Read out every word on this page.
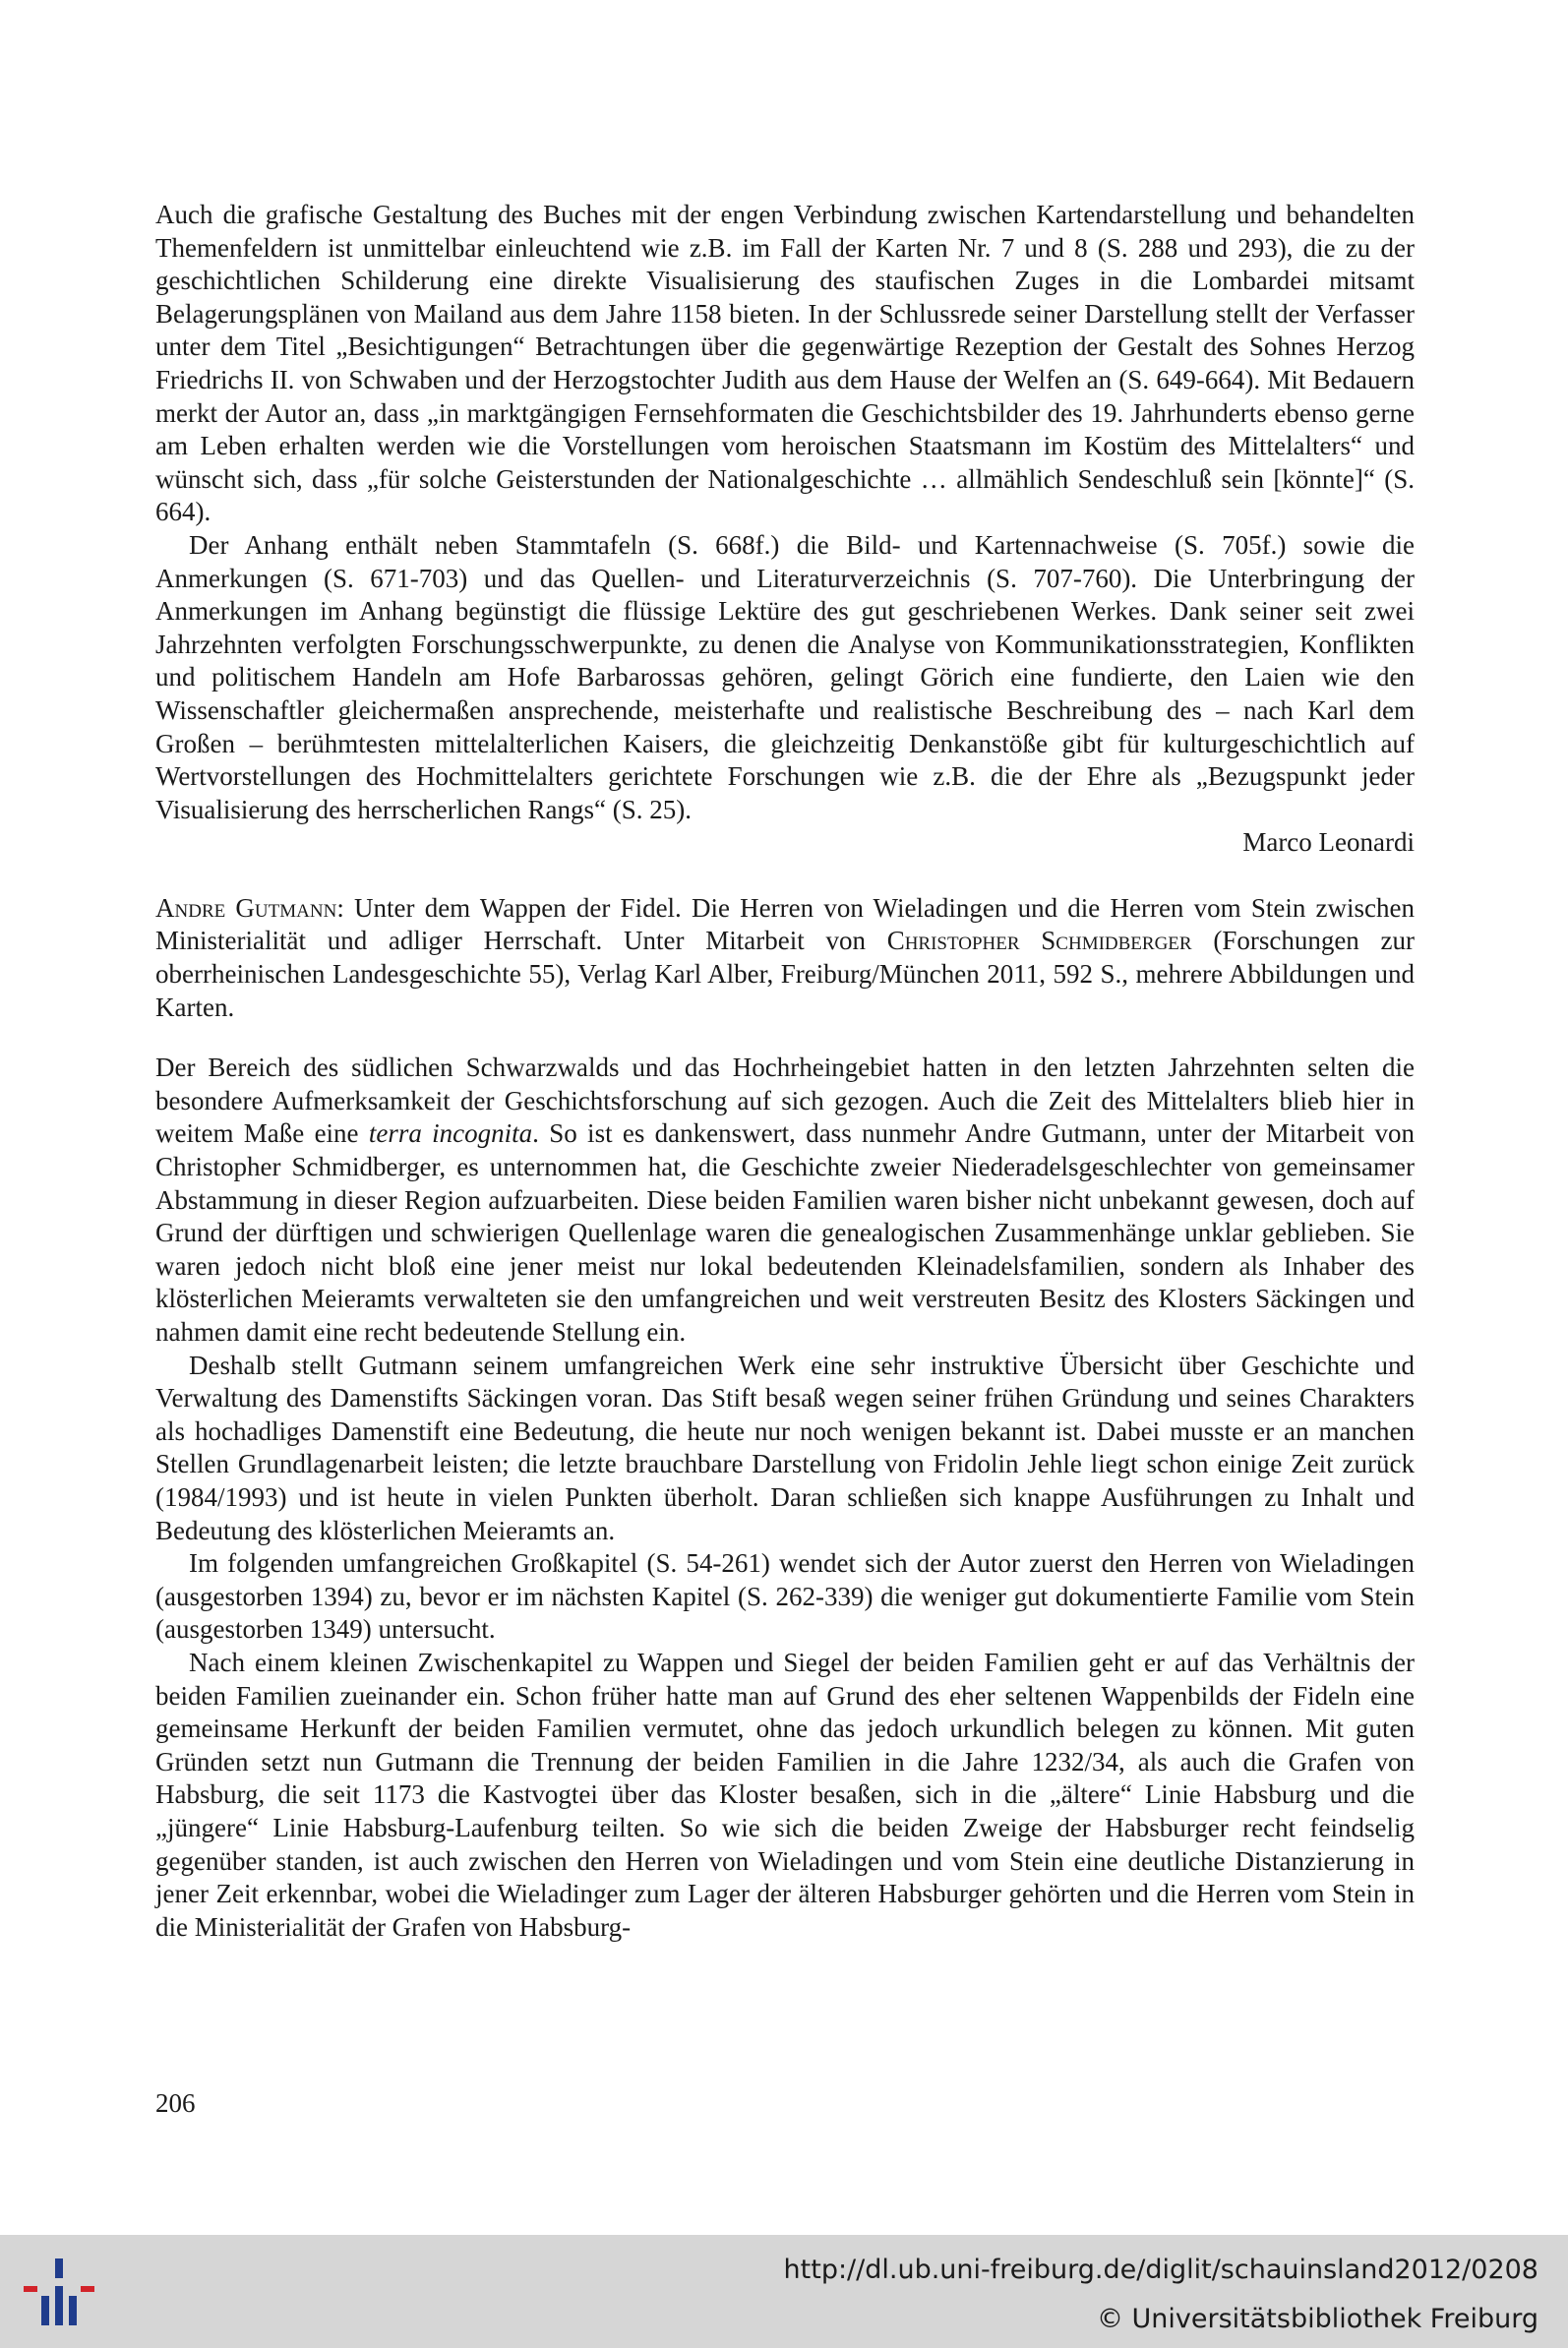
Auch die grafische Gestaltung des Buches mit der engen Verbindung zwischen Kartendarstellung und behandelten Themenfeldern ist unmittelbar einleuchtend wie z.B. im Fall der Karten Nr. 7 und 8 (S. 288 und 293), die zu der geschichtlichen Schilderung eine direkte Visualisierung des staufischen Zuges in die Lombardei mitsamt Belagerungsplänen von Mailand aus dem Jahre 1158 bieten. In der Schlussrede seiner Darstellung stellt der Verfasser unter dem Titel „Besichtigungen“ Betrachtungen über die gegenwärtige Rezeption der Gestalt des Sohnes Herzog Friedrichs II. von Schwaben und der Herzogstochter Judith aus dem Hause der Welfen an (S. 649-664). Mit Bedauern merkt der Autor an, dass „in marktgängigen Fernsehformaten die Geschichtsbilder des 19. Jahrhunderts ebenso gerne am Leben erhalten werden wie die Vorstellungen vom heroischen Staatsmann im Kostüm des Mittelalters“ und wünscht sich, dass „für solche Geisterstunden der Nationalgeschichte … allmählich Sendeschluß sein [könnte]“ (S. 664).

Der Anhang enthält neben Stammtafeln (S. 668f.) die Bild- und Kartennachweise (S. 705f.) sowie die Anmerkungen (S. 671-703) und das Quellen- und Literaturverzeichnis (S. 707-760). Die Unterbringung der Anmerkungen im Anhang begünstigt die flüssige Lektüre des gut geschriebenen Werkes. Dank seiner seit zwei Jahrzehnten verfolgten Forschungsschwerpunkte, zu denen die Analyse von Kommunikationsstrategien, Konflikten und politischem Handeln am Hofe Barbarossas gehören, gelingt Görich eine fundierte, den Laien wie den Wissenschaftler gleichermaßen ansprechende, meisterhafte und realistische Beschreibung des – nach Karl dem Großen – berühmtesten mittelalterlichen Kaisers, die gleichzeitig Denkanstöße gibt für kulturgeschichtlich auf Wertvorstellungen des Hochmittelalters gerichtete Forschungen wie z.B. die der Ehre als „Bezugspunkt jeder Visualisierung des herrscherlichen Rangs“ (S. 25).

Marco Leonardi

Andre Gutmann: Unter dem Wappen der Fidel. Die Herren von Wieladingen und die Herren vom Stein zwischen Ministerialität und adliger Herrschaft. Unter Mitarbeit von Christopher Schmidberger (Forschungen zur oberrheinischen Landesgeschichte 55), Verlag Karl Alber, Freiburg/München 2011, 592 S., mehrere Abbildungen und Karten.

Der Bereich des südlichen Schwarzwalds und das Hochrheingebiet hatten in den letzten Jahrzehnten selten die besondere Aufmerksamkeit der Geschichtsforschung auf sich gezogen. Auch die Zeit des Mittelalters blieb hier in weitem Maße eine terra incognita. So ist es dankenswert, dass nunmehr Andre Gutmann, unter der Mitarbeit von Christopher Schmidberger, es unternommen hat, die Geschichte zweier Niederadelsgeschlechter von gemeinsamer Abstammung in dieser Region aufzuarbeiten. Diese beiden Familien waren bisher nicht unbekannt gewesen, doch auf Grund der dürftigen und schwierigen Quellenlage waren die genealogischen Zusammenhänge unklar geblieben. Sie waren jedoch nicht bloß eine jener meist nur lokal bedeutenden Kleinadelsfamilien, sondern als Inhaber des klösterlichen Meieramts verwalteten sie den umfangreichen und weit verstreuten Besitz des Klosters Säckingen und nahmen damit eine recht bedeutende Stellung ein.

Deshalb stellt Gutmann seinem umfangreichen Werk eine sehr instruktive Übersicht über Geschichte und Verwaltung des Damenstifts Säckingen voran. Das Stift besaß wegen seiner frühen Gründung und seines Charakters als hochadliges Damenstift eine Bedeutung, die heute nur noch wenigen bekannt ist. Dabei musste er an manchen Stellen Grundlagenarbeit leisten; die letzte brauchbare Darstellung von Fridolin Jehle liegt schon einige Zeit zurück (1984/1993) und ist heute in vielen Punkten überholt. Daran schließen sich knappe Ausführungen zu Inhalt und Bedeutung des klösterlichen Meieramts an.

Im folgenden umfangreichen Großkapitel (S. 54-261) wendet sich der Autor zuerst den Herren von Wieladingen (ausgestorben 1394) zu, bevor er im nächsten Kapitel (S. 262-339) die weniger gut dokumentierte Familie vom Stein (ausgestorben 1349) untersucht.

Nach einem kleinen Zwischenkapitel zu Wappen und Siegel der beiden Familien geht er auf das Verhältnis der beiden Familien zueinander ein. Schon früher hatte man auf Grund des eher seltenen Wappenbilds der Fideln eine gemeinsame Herkunft der beiden Familien vermutet, ohne das jedoch urkundlich belegen zu können. Mit guten Gründen setzt nun Gutmann die Trennung der beiden Familien in die Jahre 1232/34, als auch die Grafen von Habsburg, die seit 1173 die Kastvogtei über das Kloster besaßen, sich in die „ältere“ Linie Habsburg und die „jüngere“ Linie Habsburg-Laufenburg teilten. So wie sich die beiden Zweige der Habsburger recht feindselig gegenüber standen, ist auch zwischen den Herren von Wieladingen und vom Stein eine deutliche Distanzierung in jener Zeit erkennbar, wobei die Wieladinger zum Lager der älteren Habsburger gehörten und die Herren vom Stein in die Ministerialität der Grafen von Habsburg-

206
http://dl.ub.uni-freiburg.de/diglit/schauinsland2012/0208
© Universitätsbibliothek Freiburg
